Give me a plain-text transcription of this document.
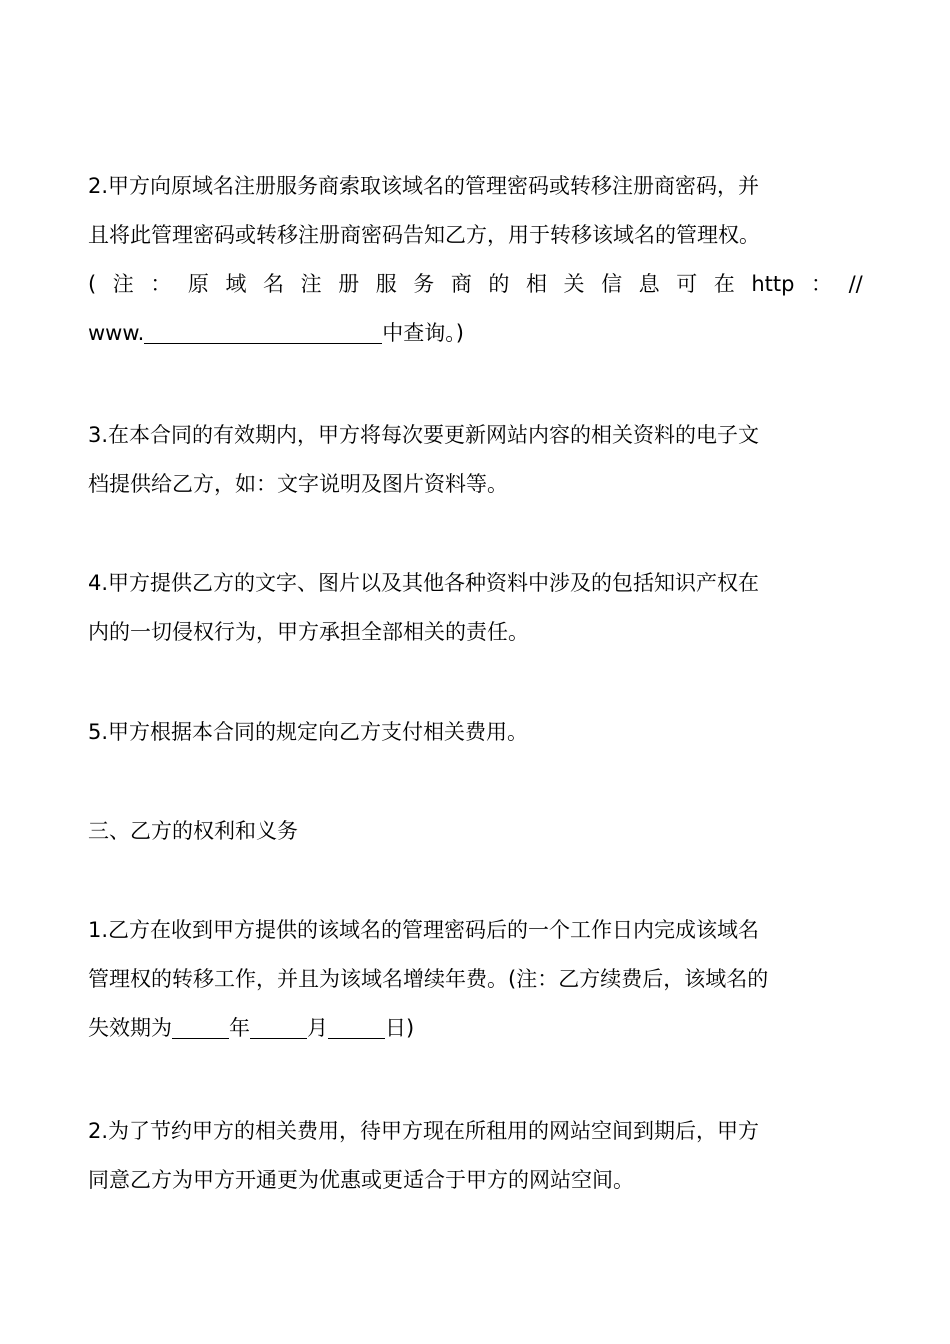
2.甲方向原域名注册服务商索取该域名的管理密码或转移注册商密码，并
且将此管理密码或转移注册商密码告知乙方，用于转移该域名的管理权。
( 注 ： 原 域 名 注 册 服 务 商 的 相 关 信 息 可 在 http ： //
www.	中查询。)
3.在本合同的有效期内，甲方将每次要更新网站内容的相关资料的电子文
档提供给乙方，如：文字说明及图片资料等。
4.甲方提供乙方的文字、图片以及其他各种资料中涉及的包括知识产权在
内的一切侵权行为，甲方承担全部相关的责任。
5.甲方根据本合同的规定向乙方支付相关费用。
三、乙方的权利和义务
1.乙方在收到甲方提供的该域名的管理密码后的一个工作日内完成该域名
管理权的转移工作，并且为该域名增续年费。(注：乙方续费后，该域名的
失效期为	年	月	日)
2.为了节约甲方的相关费用，待甲方现在所租用的网站空间到期后，甲方
同意乙方为甲方开通更为优惠或更适合于甲方的网站空间。
